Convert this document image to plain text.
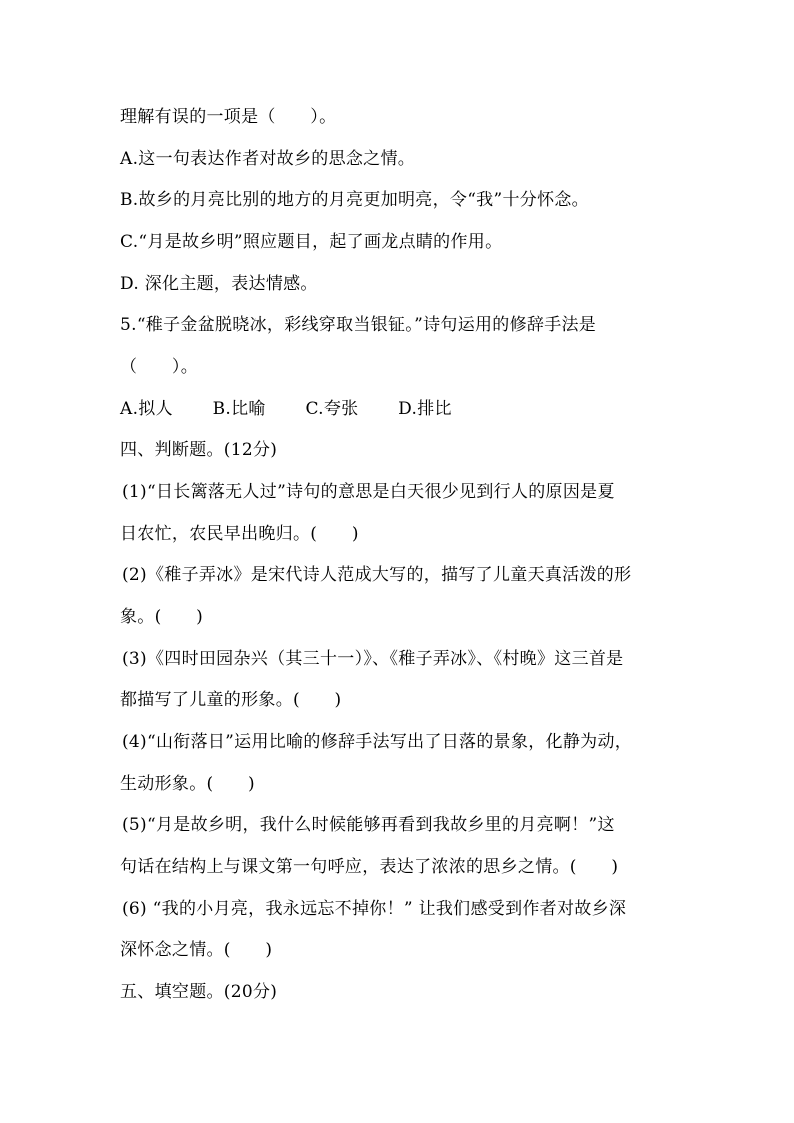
理解有误的一项是（　　）。
A.这一句表达作者对故乡的思念之情。
B.故乡的月亮比别的地方的月亮更加明亮，令“我”十分怀念。
C.“月是故乡明”照应题目，起了画龙点睛的作用。
D. 深化主题，表达情感。
5.“稚子金盆脱晓冰，彩线穿取当银钲。”诗句运用的修辞手法是
（　　）。
A.拟人 B.比喻 C.夸张 D.排比
四、判断题。(12分)
(1)“日长篱落无人过”诗句的意思是白天很少见到行人的原因是夏
日农忙，农民早出晚归。(　　)
(2)《稚子弄冰》是宋代诗人范成大写的，描写了儿童天真活泼的形
象。(　　)
(3)《四时田园杂兴（其三十一）》、《稚子弄冰》、《村晚》这三首是
都描写了儿童的形象。(　　)
(4)“山衔落日”运用比喻的修辞手法写出了日落的景象，化静为动，
生动形象。(　　)
(5)“月是故乡明，我什么时候能够再看到我故乡里的月亮啊！”这
句话在结构上与课文第一句呼应，表达了浓浓的思乡之情。(　　)
(6) “我的小月亮，我永远忘不掉你！” 让我们感受到作者对故乡深
深怀念之情。(　　)
五、填空题。(20分)
